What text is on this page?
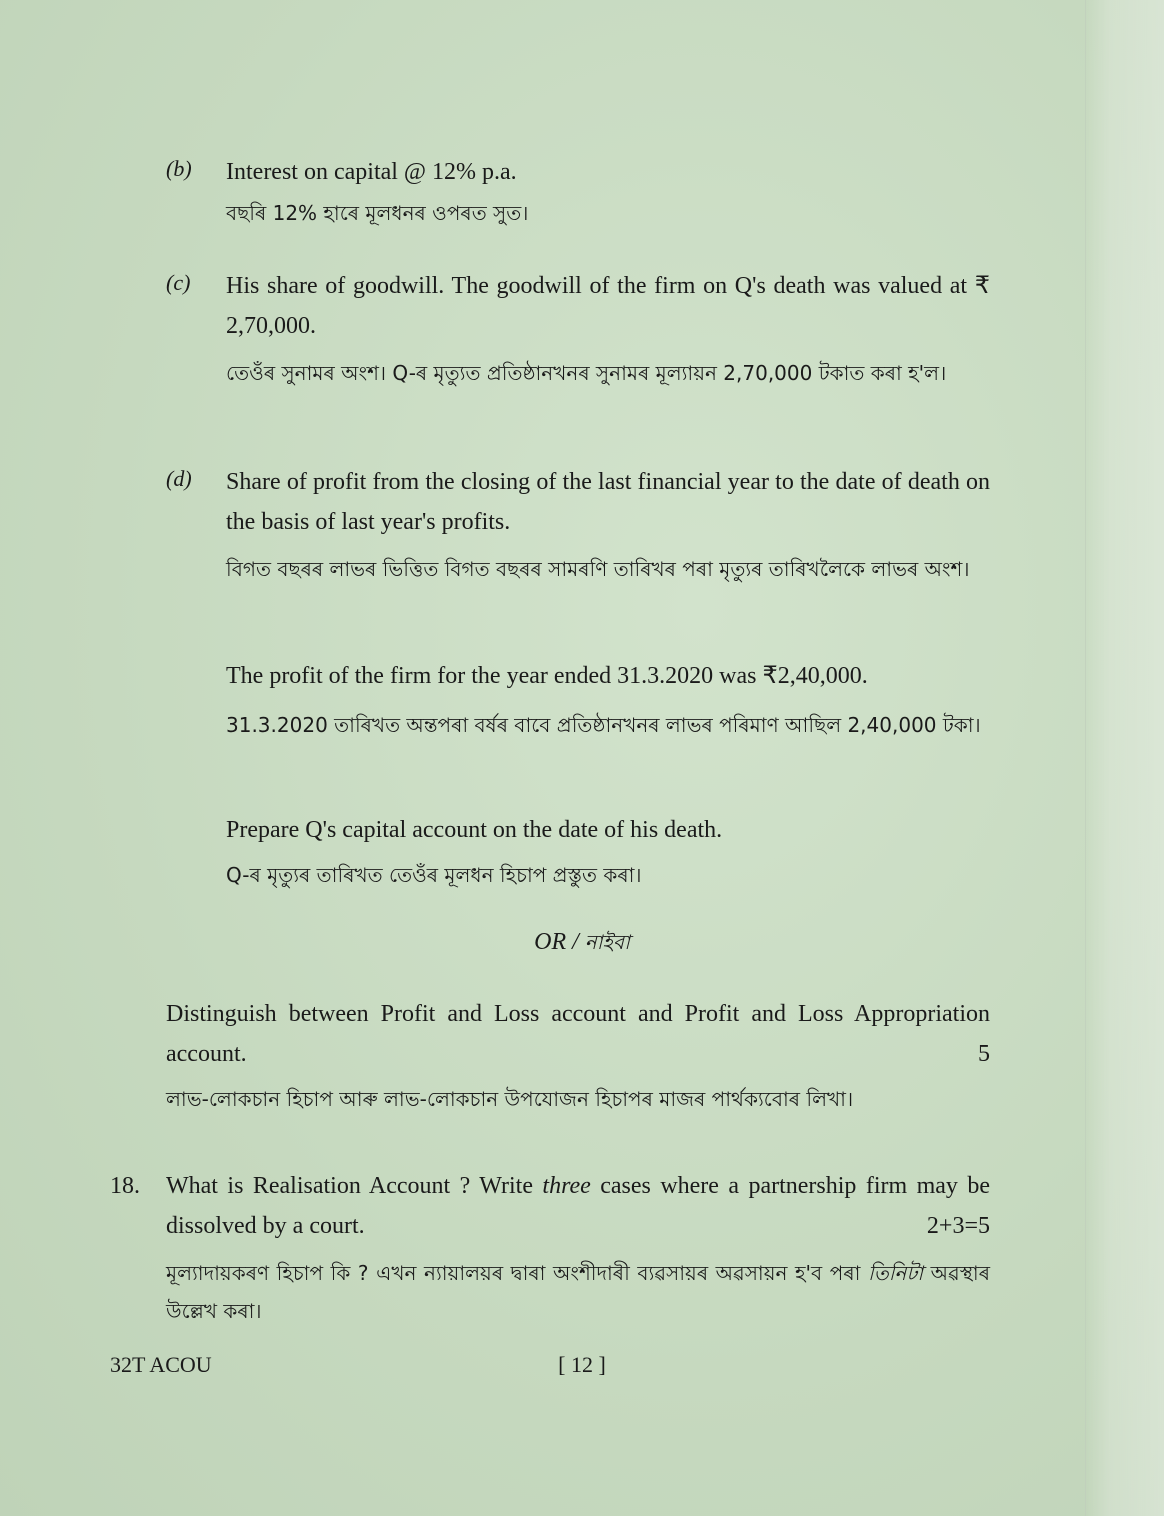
(b) Interest on capital @ 12% p.a.
বছৰি 12% হাৰে মূলধনৰ ওপৰত সুত।
(c) His share of goodwill. The goodwill of the firm on Q's death was valued at ₹ 2,70,000.
তেওঁৰ সুনামৰ অংশ। Q-ৰ মৃত্যুত প্ৰতিষ্ঠানখনৰ সুনামৰ মূল্যায়ন 2,70,000 টকাত কৰা হ'ল।
(d) Share of profit from the closing of the last financial year to the date of death on the basis of last year's profits.
বিগত বছৰৰ লাভৰ ভিত্তিত বিগত বছৰৰ সামৰণি তাৰিখৰ পৰা মৃত্যুৰ তাৰিখলৈকে লাভৰ অংশ।
The profit of the firm for the year ended 31.3.2020 was ₹2,40,000.
31.3.2020 তাৰিখত অন্তপৰা বৰ্ষৰ বাবে প্ৰতিষ্ঠানখনৰ লাভৰ পৰিমাণ আছিল 2,40,000 টকা।
Prepare Q's capital account on the date of his death.
Q-ৰ মৃত্যুৰ তাৰিখত তেওঁৰ মূলধন হিচাপ প্ৰস্তুত কৰা।
OR / নাইবা
Distinguish between Profit and Loss account and Profit and Loss Appropriation account.	5
লাভ-লোকচান হিচাপ আৰু লাভ-লোকচান উপযোজন হিচাপৰ মাজৰ পাৰ্থক্যবোৰ লিখা।
18. What is Realisation Account ? Write three cases where a partnership firm may be dissolved by a court.	2+3=5
মূল্যাদায়কৰণ হিচাপ কি ? এখন ন্যায়ালয়ৰ দ্বাৰা অংশীদাৰী ব্যৱসায়ৰ অৱসায়ন হ'ব পৰা তিনিটা অৱস্থাৰ উল্লেখ কৰা।
32T ACOU	[ 12 ]
